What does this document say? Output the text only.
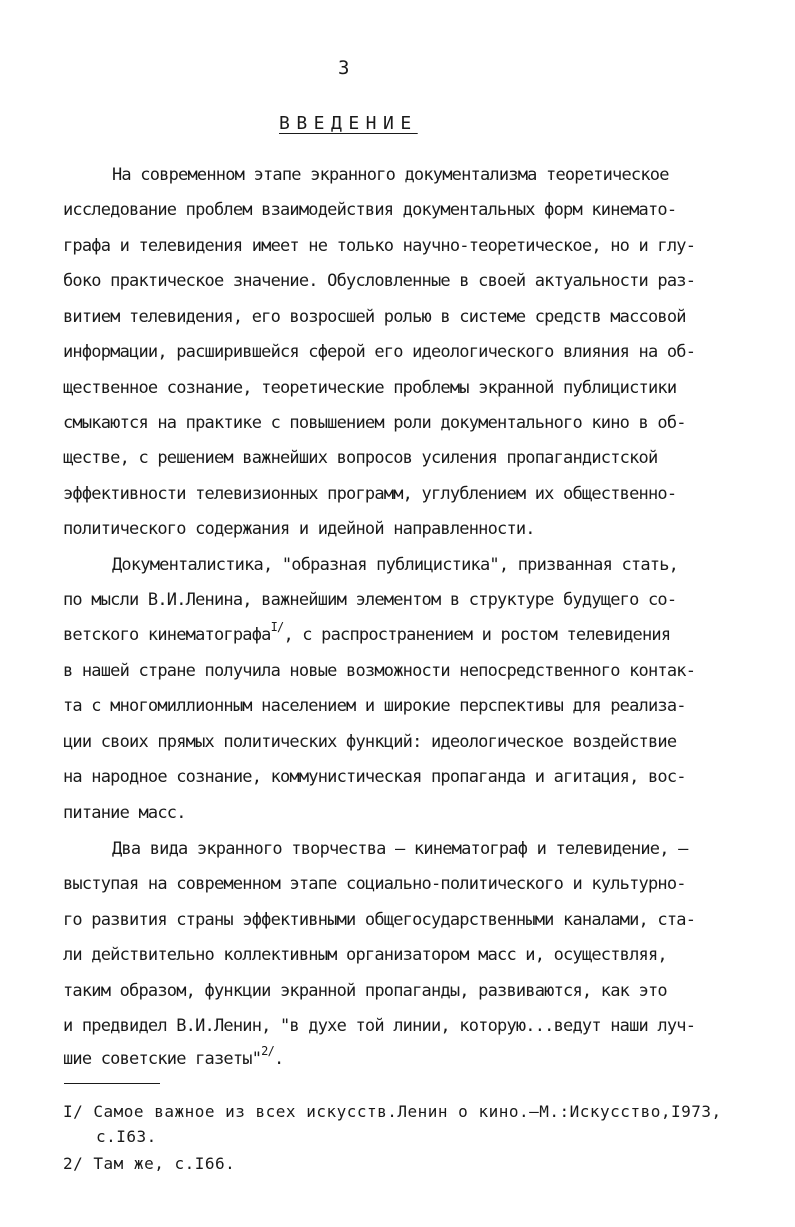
3
ВВЕДЕНИЕ
На современном этапе экранного документализма теоретическое
исследование проблем взаимодействия документальных форм кинемато-
графа и телевидения имеет не только научно-теоретическое, но и глу-
боко практическое значение. Обусловленные в своей актуальности раз-
витием телевидения, его возросшей ролью в системе средств массовой
информации, расширившейся сферой его идеологического влияния на об-
щественное сознание, теоретические проблемы экранной публицистики
смыкаются на практике с повышением роли документального кино в об-
ществе, с решением важнейших вопросов усиления пропагандистской
эффективности телевизионных программ, углублением их общественно-
политического содержания и идейной направленности.
Документалистика, "образная публицистика", призванная стать,
по мысли В.И.Ленина, важнейшим элементом в структуре будущего со-
ветского кинематографа$^{I/}$, с распространением и ростом телевидения
в нашей стране получила новые возможности непосредственного контак-
та с многомиллионным населением и широкие перспективы для реализа-
ции своих прямых политических функций: идеологическое воздействие
на народное сознание, коммунистическая пропаганда и агитация, вос-
питание масс.
Два вида экранного творчества – кинематограф и телевидение, –
выступая на современном этапе социально-политического и культурно-
го развития страны эффективными общегосударственными каналами, ста-
ли действительно коллективным организатором масс и, осуществляя,
таким образом, функции экранной пропаганды, развиваются, как это
и предвидел В.И.Ленин, "в духе той линии, которую...ведут наши луч-
шие советские газеты"$^{2/}$.
I/ Самое важное из всех искусств.Ленин о кино.–М.:Искусство,I973,
с.I63.
2/ Там же, с.I66.
